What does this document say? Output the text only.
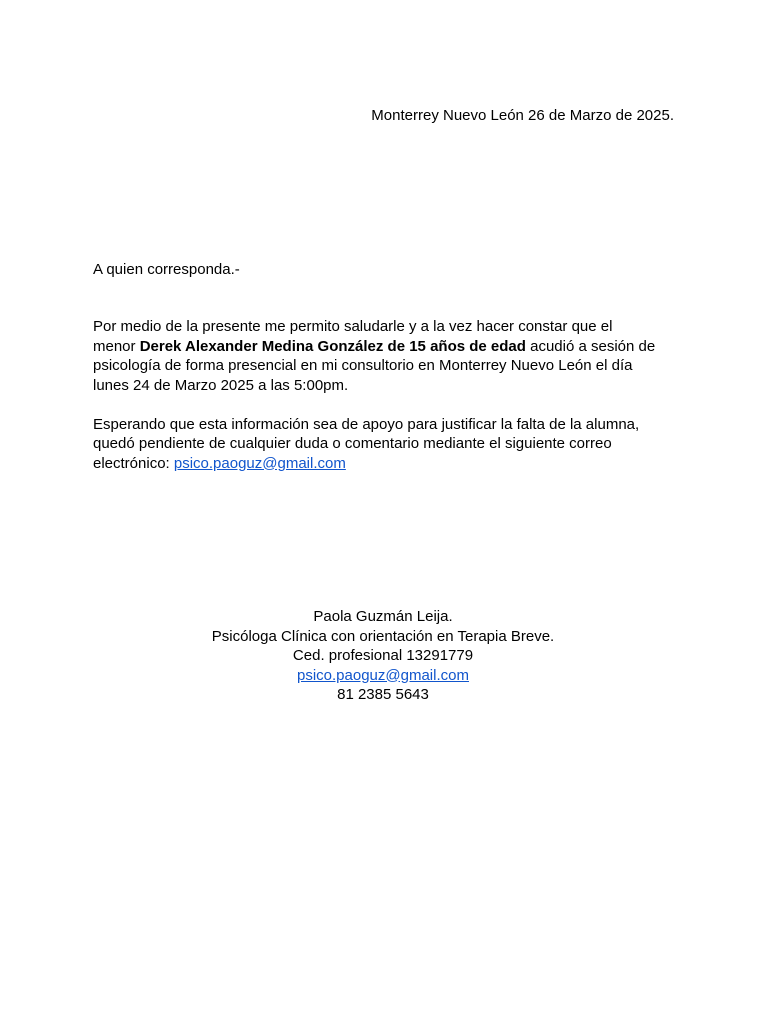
Monterrey Nuevo León 26 de Marzo de 2025.
A quien corresponda.-

Por medio de la presente me permito saludarle y a la vez hacer constar que el
menor Derek Alexander Medina González de 15 años de edad acudió a sesión de
psicología de forma presencial en mi consultorio en Monterrey Nuevo León el día
lunes 24 de Marzo 2025 a las 5:00pm.

Esperando que esta información sea de apoyo para justificar la falta de la alumna,
quedó pendiente de cualquier duda o comentario mediante el siguiente correo
electrónico: psico.paoguz@gmail.com

Paola Guzmán Leija.
Psicóloga Clínica con orientación en Terapia Breve.
Ced. profesional 13291779
psico.paoguz@gmail.com
81 2385 5643
